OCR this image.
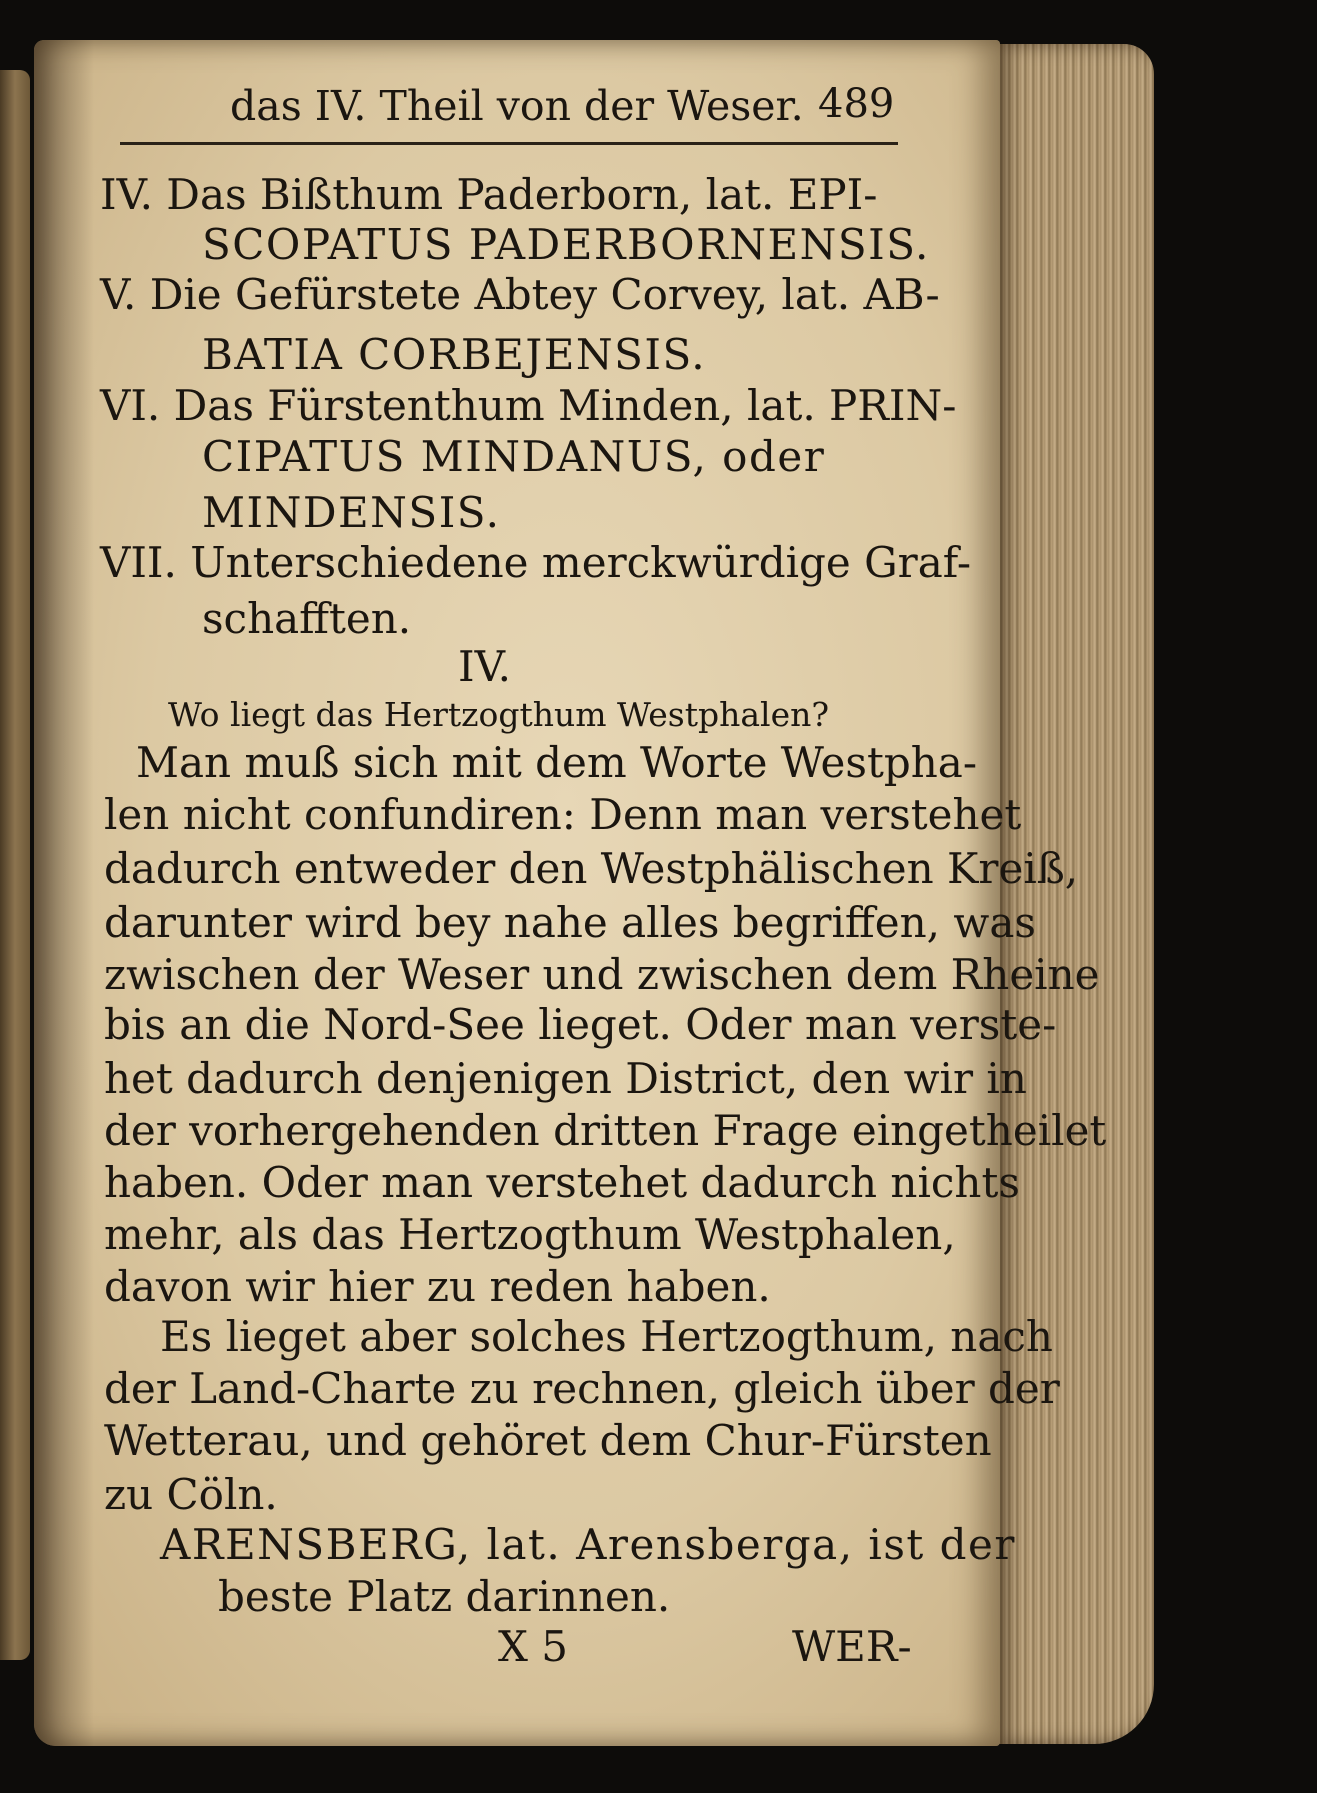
das IV. Theil von der Weser. 489
IV. Das Bißthum Paderborn, lat. EPI-
SCOPATUS PADERBORNENSIS.
V. Die Gefürstete Abtey Corvey, lat. AB-
BATIA CORBEJENSIS.
VI. Das Fürstenthum Minden, lat. PRIN-
CIPATUS MINDANUS, oder
MINDENSIS.
VII. Unterschiedene merckwürdige Graf-
schafften.
IV.
Wo liegt das Hertzogthum Westphalen?
Man muß sich mit dem Worte Westpha-
len nicht confundiren: Denn man verstehet
dadurch entweder den Westphälischen Kreiß,
darunter wird bey nahe alles begriffen, was
zwischen der Weser und zwischen dem Rheine
bis an die Nord-See lieget. Oder man verste-
het dadurch denjenigen District, den wir in
der vorhergehenden dritten Frage eingetheilet
haben. Oder man verstehet dadurch nichts
mehr, als das Hertzogthum Westphalen,
davon wir hier zu reden haben.
Es lieget aber solches Hertzogthum, nach
der Land-Charte zu rechnen, gleich über der
Wetterau, und gehöret dem Chur-Fürsten
zu Cöln.
ARENSBERG, lat. Arensberga, ist der
beste Platz darinnen.
X 5	WER-
